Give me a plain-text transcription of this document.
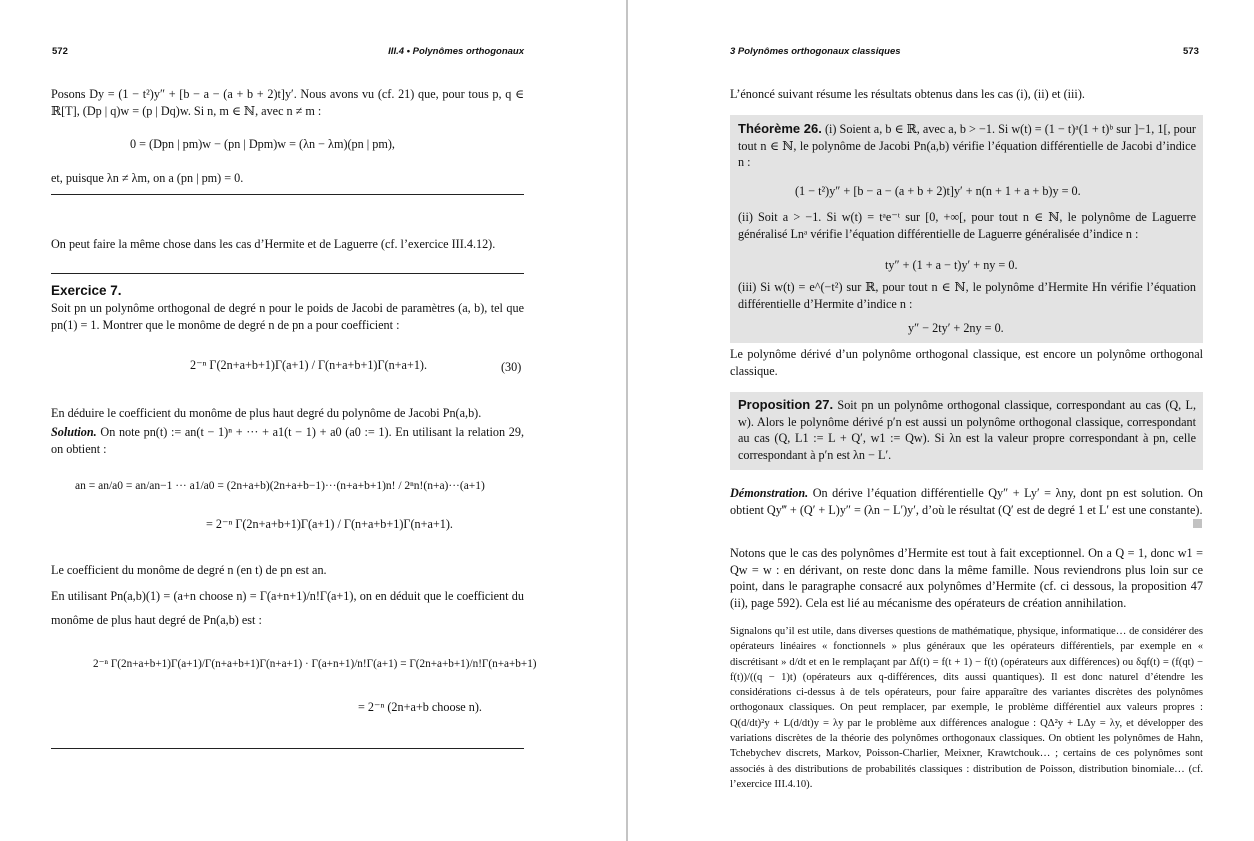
572	III.4 • Polynômes orthogonaux
Posons Dy = (1 − t²)y″ + [b − a − (a + b + 2)t]y′. Nous avons vu (cf. 21) que, pour tous p, q ∈ ℝ[T], (Dp | q)w = (p | Dq)w. Si n, m ∈ ℕ, avec n ≠ m :
0 = (Dpn | pm)w − (pn | Dpm)w = (λn − λm)(pn | pm),
et, puisque λn ≠ λm, on a (pn | pm) = 0.
On peut faire la même chose dans les cas d’Hermite et de Laguerre (cf. l’exercice III.4.12).
Exercice 7.
Soit pn un polynôme orthogonal de degré n pour le poids de Jacobi de paramètres (a, b), tel que pn(1) = 1. Montrer que le monôme de degré n de pn a pour coefficient :
2⁻ⁿ Γ(2n+a+b+1)Γ(a+1) / Γ(n+a+b+1)Γ(n+a+1).	(30)
En déduire le coefficient du monôme de plus haut degré du polynôme de Jacobi Pn(a,b).
Solution. On note pn(t) := an(t − 1)ⁿ + ··· + a1(t − 1) + a0 (a0 := 1). En utilisant la relation 29, on obtient :
an = an/a0 = an/an−1 ··· a1/a0 = (2n+a+b)(2n+a+b−1)···(n+a+b+1)n! / 2ⁿn!(n+a)···(a+1)
= 2⁻ⁿ Γ(2n+a+b+1)Γ(a+1) / Γ(n+a+b+1)Γ(n+a+1).
Le coefficient du monôme de degré n (en t) de pn est an.
En utilisant Pn(a,b)(1) = (a+n choose n) = Γ(a+n+1)/n!Γ(a+1), on en déduit que le coefficient du monôme de plus haut degré de Pn(a,b) est :
2⁻ⁿ Γ(2n+a+b+1)Γ(a+1)/Γ(n+a+b+1)Γ(n+a+1) · Γ(a+n+1)/n!Γ(a+1) = Γ(2n+a+b+1)/n!Γ(n+a+b+1)
= 2⁻ⁿ (2n+a+b choose n).
3 Polynômes orthogonaux classiques	573
L’énoncé suivant résume les résultats obtenus dans les cas (i), (ii) et (iii).
Théorème 26. (i) Soient a, b ∈ ℝ, avec a, b > −1. Si w(t) = (1 − t)ᵃ(1 + t)ᵇ sur ]−1, 1[, pour tout n ∈ ℕ, le polynôme de Jacobi Pn(a,b) vérifie l’équation différentielle de Jacobi d’indice n :
(1 − t²)y″ + [b − a − (a + b + 2)t]y′ + n(n + 1 + a + b)y = 0.
(ii) Soit a > −1. Si w(t) = tᵃe⁻ᵗ sur [0, +∞[, pour tout n ∈ ℕ, le polynôme de Laguerre généralisé Lnᵃ vérifie l’équation différentielle de Laguerre généralisée d’indice n :
ty″ + (1 + a − t)y′ + ny = 0.
(iii) Si w(t) = e^(−t²) sur ℝ, pour tout n ∈ ℕ, le polynôme d’Hermite Hn vérifie l’équation différentielle d’Hermite d’indice n :
y″ − 2ty′ + 2ny = 0.
Le polynôme dérivé d’un polynôme orthogonal classique, est encore un polynôme orthogonal classique.
Proposition 27. Soit pn un polynôme orthogonal classique, correspondant au cas (Q, L, w). Alors le polynôme dérivé p′n est aussi un polynôme orthogonal classique, correspondant au cas (Q, L1 := L + Q′, w1 := Qw). Si λn est la valeur propre correspondant à pn, celle correspondant à p′n est λn − L′.
Démonstration. On dérive l’équation différentielle Qy″ + Ly′ = λny, dont pn est solution. On obtient Qy‴ + (Q′ + L)y″ = (λn − L′)y′, d’où le résultat (Q′ est de degré 1 et L′ est une constante).
Notons que le cas des polynômes d’Hermite est tout à fait exceptionnel. On a Q = 1, donc w1 = Qw = w : en dérivant, on reste donc dans la même famille. Nous reviendrons plus loin sur ce point, dans le paragraphe consacré aux polynômes d’Hermite (cf. ci dessous, la proposition 47 (ii), page 592). Cela est lié au mécanisme des opérateurs de création annihilation.
Signalons qu’il est utile, dans diverses questions de mathématique, physique, informatique… de considérer des opérateurs linéaires « fonctionnels » plus généraux que les opérateurs différentiels, par exemple en « discrétisant » d/dt et en le remplaçant par Δf(t) = f(t + 1) − f(t) (opérateurs aux différences) ou δqf(t) = (f(qt) − f(t))/((q − 1)t) (opérateurs aux q-différences, dits aussi quantiques). Il est donc naturel d’étendre les considérations ci-dessus à de tels opérateurs, pour faire apparaître des variantes discrètes des polynômes orthogonaux classiques. On peut remplacer, par exemple, le problème différentiel aux valeurs propres : Q(d/dt)²y + L(d/dt)y = λy par le problème aux différences analogue : QΔ²y + LΔy = λy, et développer des variations discrètes de la théorie des polynômes orthogonaux classiques. On obtient les polynômes de Hahn, Tchebychev discrets, Markov, Poisson-Charlier, Meixner, Krawtchouk… ; certains de ces polynômes sont associés à des distributions de probabilités classiques : distribution de Poisson, distribution binomiale… (cf. l’exercice III.4.10).
